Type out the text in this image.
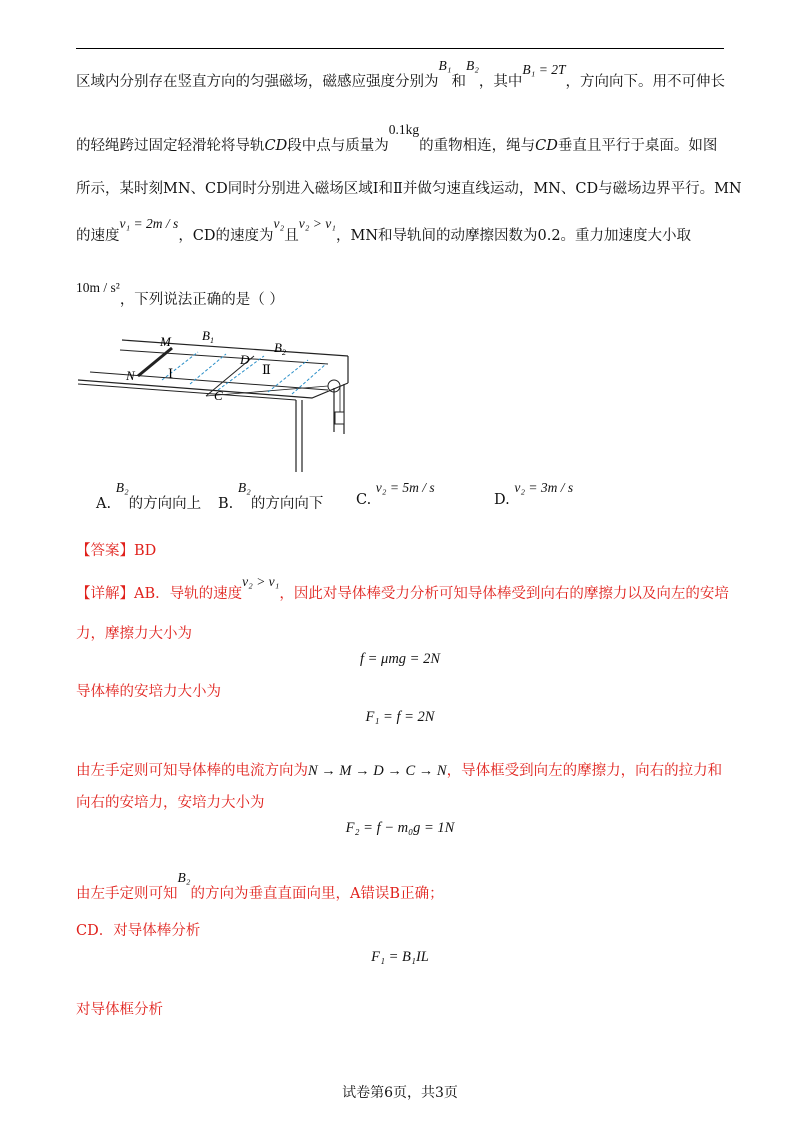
区域内分别存在竖直方向的匀强磁场，磁感应强度分别为B₁和B₂，其中B₁ = 2T，方向向下。用不可伸长
的轻绳跨过固定轻滑轮将导轨CD段中点与质量为0.1kg的重物相连，绳与CD垂直且平行于桌面。如图
所示，某时刻MN、CD同时分别进入磁场区域Ⅰ和Ⅱ并做匀速直线运动，MN、CD与磁场边界平行。MN
的速度v₁ = 2m / s，CD的速度为v₂且v₂ > v₁，MN和导轨间的动摩擦因数为0.2。重力加速度大小取
10m / s²，下列说法正确的是（ ）
M $B_1$
D
$B_2$
N	Ⅰ	Ⅱ
C
A. B₂的方向向上 B. B₂的方向向下 C. v₂ = 5m / s
D. v₂ = 3m / s
【答案】BD
【详解】AB．导轨的速度v₂ > v₁，因此对导体棒受力分析可知导体棒受到向右的摩擦力以及向左的安培
力，摩擦力大小为
f = μmg = 2N
导体棒的安培力大小为
F₁ = f = 2N
由左手定则可知导体棒的电流方向为N → M → D → C → N，导体框受到向左的摩擦力，向右的拉力和
向右的安培力，安培力大小为
F₂ = f − m₀g = 1N
由左手定则可知B₂的方向为垂直直面向里，A错误B正确；
CD．对导体棒分析
F₁ = B₁IL
对导体框分析
试卷第6页，共3页
